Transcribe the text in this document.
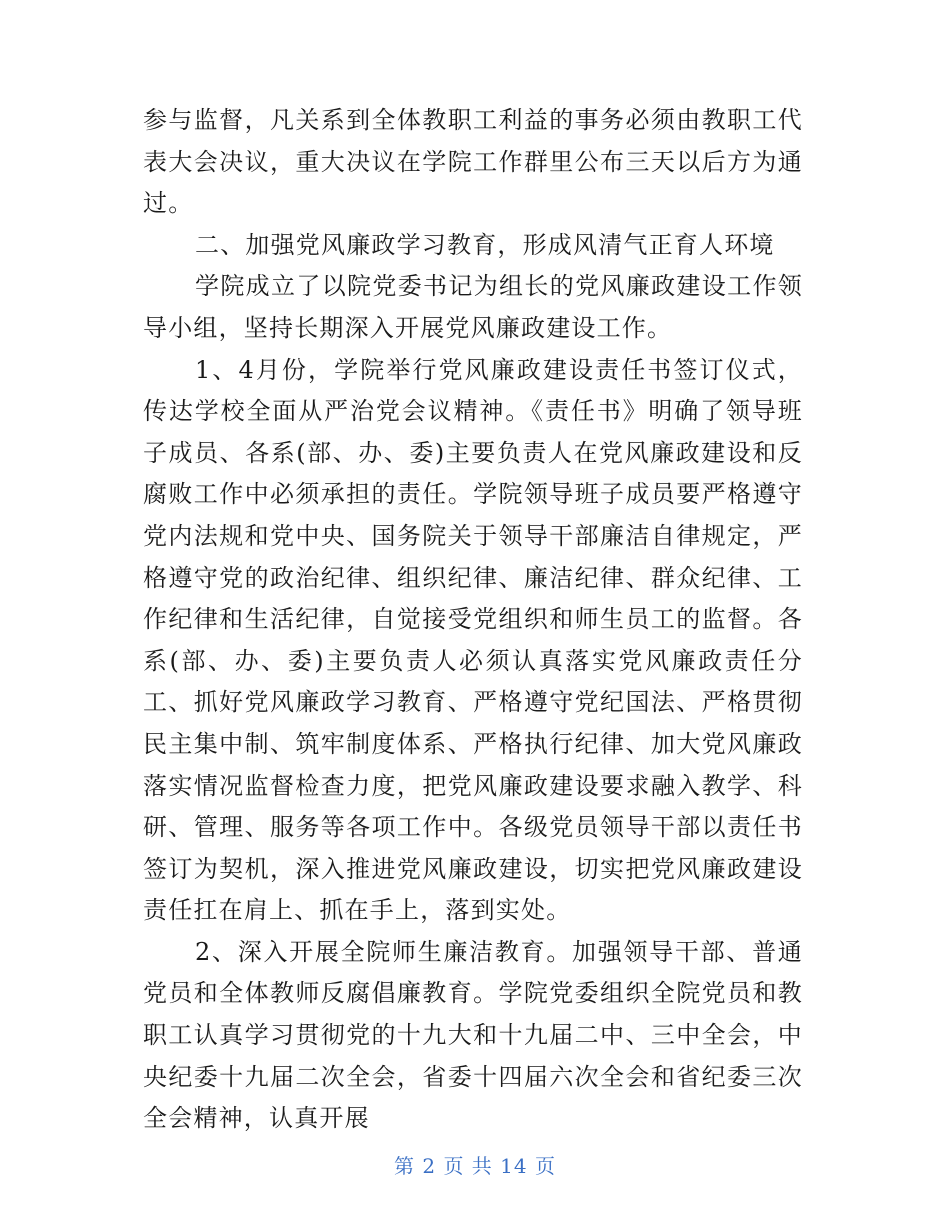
参与监督，凡关系到全体教职工利益的事务必须由教职工代表大会决议，重大决议在学院工作群里公布三天以后方为通过。

二、加强党风廉政学习教育，形成风清气正育人环境

学院成立了以院党委书记为组长的党风廉政建设工作领导小组，坚持长期深入开展党风廉政建设工作。

1、4月份，学院举行党风廉政建设责任书签订仪式，传达学校全面从严治党会议精神。《责任书》明确了领导班子成员、各系(部、办、委)主要负责人在党风廉政建设和反腐败工作中必须承担的责任。学院领导班子成员要严格遵守党内法规和党中央、国务院关于领导干部廉洁自律规定，严格遵守党的政治纪律、组织纪律、廉洁纪律、群众纪律、工作纪律和生活纪律，自觉接受党组织和师生员工的监督。各系(部、办、委)主要负责人必须认真落实党风廉政责任分工、抓好党风廉政学习教育、严格遵守党纪国法、严格贯彻民主集中制、筑牢制度体系、严格执行纪律、加大党风廉政落实情况监督检查力度，把党风廉政建设要求融入教学、科研、管理、服务等各项工作中。各级党员领导干部以责任书签订为契机，深入推进党风廉政建设，切实把党风廉政建设责任扛在肩上、抓在手上，落到实处。

2、深入开展全院师生廉洁教育。加强领导干部、普通党员和全体教师反腐倡廉教育。学院党委组织全院党员和教职工认真学习贯彻党的十九大和十九届二中、三中全会，中央纪委十九届二次全会，省委十四届六次全会和省纪委三次全会精神，认真开展

第 2 页 共 14 页
